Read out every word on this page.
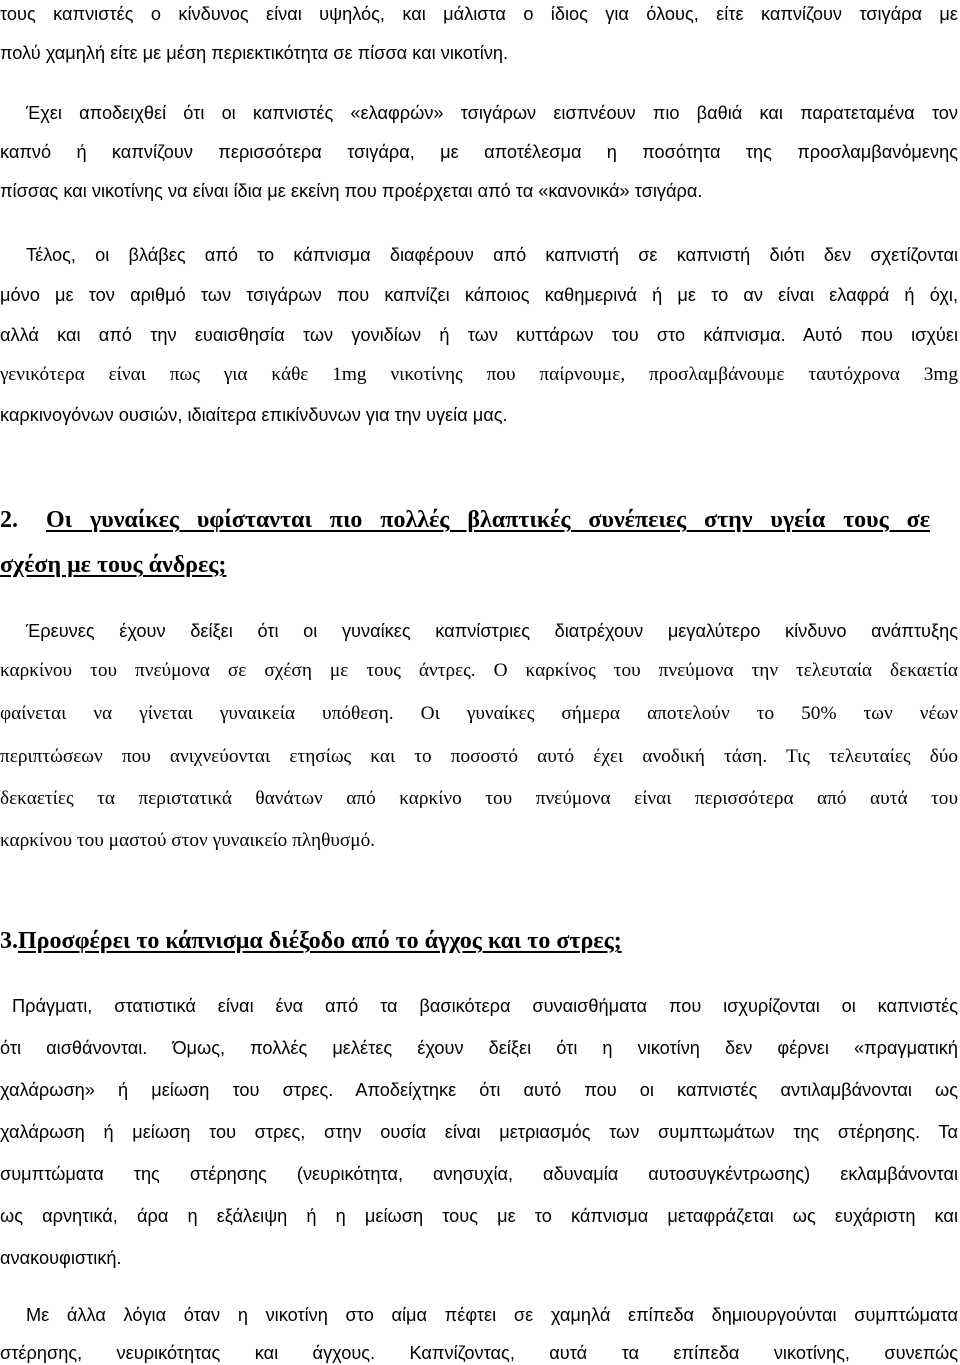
τους καπνιστές ο κίνδυνος είναι υψηλός, και μάλιστα ο ίδιος για όλους, είτε καπνίζουν τσιγάρα με
πολύ χαμηλή είτε με μέση περιεκτικότητα σε πίσσα και νικοτίνη.
Έχει αποδειχθεί ότι οι καπνιστές «ελαφρών» τσιγάρων εισπνέουν πιο βαθιά και παρατεταμένα τον
καπνό ή καπνίζουν περισσότερα τσιγάρα, με αποτέλεσμα η ποσότητα της προσλαμβανόμενης
πίσσας και νικοτίνης να είναι ίδια με εκείνη που προέρχεται από τα «κανονικά» τσιγάρα.
Τέλος, οι βλάβες από το κάπνισμα διαφέρουν από καπνιστή σε καπνιστή διότι δεν σχετίζονται
μόνο με τον αριθμό των τσιγάρων που καπνίζει κάποιος καθημερινά ή με το αν είναι ελαφρά ή όχι,
αλλά και από την ευαισθησία των γονιδίων ή των κυττάρων του στο κάπνισμα. Αυτό που ισχύει
γενικότερα είναι πως για κάθε 1mg νικοτίνης που παίρνουμε, προσλαμβάνουμε ταυτόχρονα 3mg
καρκινογόνων ουσιών, ιδιαίτερα επικίνδυνων για την υγεία μας.
2. Οι γυναίκες υφίστανται πιο πολλές βλαπτικές συνέπειες στην υγεία τους σε
σχέση με τους άνδρες;
Έρευνες έχουν δείξει ότι οι γυναίκες καπνίστριες διατρέχουν μεγαλύτερο κίνδυνο ανάπτυξης
καρκίνου του πνεύμονα σε σχέση με τους άντρες. Ο καρκίνος του πνεύμονα την τελευταία δεκαετία
φαίνεται να γίνεται γυναικεία υπόθεση. Οι γυναίκες σήμερα αποτελούν το 50% των νέων
περιπτώσεων που ανιχνεύονται ετησίως και το ποσοστό αυτό έχει ανοδική τάση. Τις τελευταίες δύο
δεκαετίες τα περιστατικά θανάτων από καρκίνο του πνεύμονα είναι περισσότερα από αυτά του
καρκίνου του μαστού στον γυναικείο πληθυσμό.
3.Προσφέρει το κάπνισμα διέξοδο από το άγχος και το στρες;
Πράγματι, στατιστικά είναι ένα από τα βασικότερα συναισθήματα που ισχυρίζονται οι καπνιστές
ότι αισθάνονται. Όμως, πολλές μελέτες έχουν δείξει ότι η νικοτίνη δεν φέρνει «πραγματική
χαλάρωση» ή μείωση του στρες. Αποδείχτηκε ότι αυτό που οι καπνιστές αντιλαμβάνονται ως
χαλάρωση ή μείωση του στρες, στην ουσία είναι μετριασμός των συμπτωμάτων της στέρησης. Τα
συμπτώματα της στέρησης (νευρικότητα, ανησυχία, αδυναμία αυτοσυγκέντρωσης) εκλαμβάνονται
ως αρνητικά, άρα η εξάλειψη ή η μείωση τους με το κάπνισμα μεταφράζεται ως ευχάριστη και
ανακουφιστική.
Με άλλα λόγια όταν η νικοτίνη στο αίμα πέφτει σε χαμηλά επίπεδα δημιουργούνται συμπτώματα
στέρησης, νευρικότητας και άγχους. Καπνίζοντας, αυτά τα επίπεδα νικοτίνης, συνεπώς
